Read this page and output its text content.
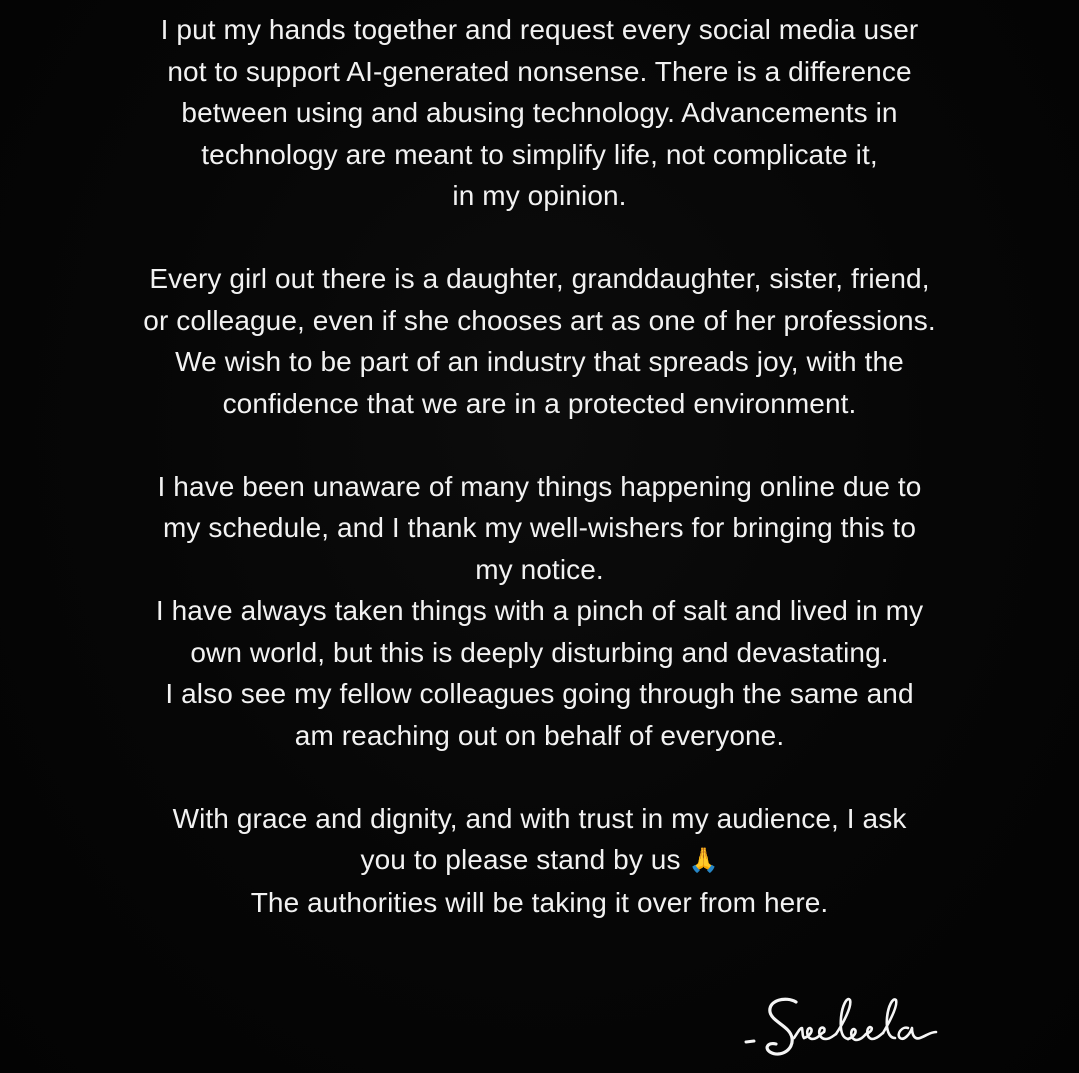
I put my hands together and request every social media user
not to support AI-generated nonsense. There is a difference
between using and abusing technology. Advancements in
technology are meant to simplify life, not complicate it,
in my opinion.

Every girl out there is a daughter, granddaughter, sister, friend,
or colleague, even if she chooses art as one of her professions.
We wish to be part of an industry that spreads joy, with the
confidence that we are in a protected environment.

I have been unaware of many things happening online due to
my schedule, and I thank my well-wishers for bringing this to
my notice.
I have always taken things with a pinch of salt and lived in my
own world, but this is deeply disturbing and devastating.
I also see my fellow colleagues going through the same and
am reaching out on behalf of everyone.

With grace and dignity, and with trust in my audience, I ask
you to please stand by us 🙏
The authorities will be taking it over from here.
